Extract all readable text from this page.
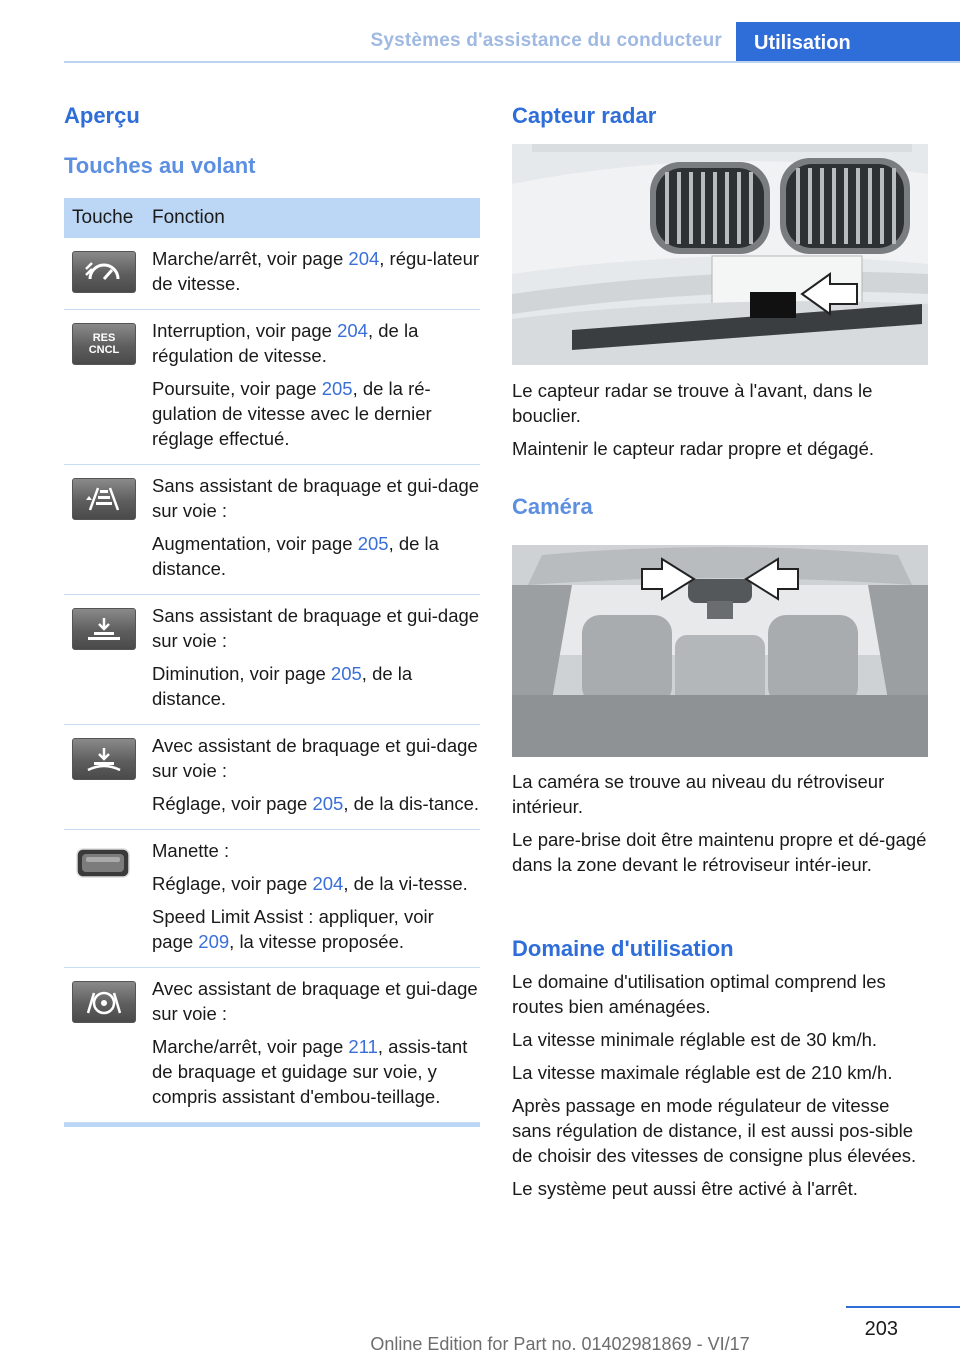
Systèmes d'assistance du conducteur	Utilisation
Aperçu
Touches au volant
Touche Fonction

Marche/arrêt, voir page 204, régu‐lateur de vitesse.

RES
CNCL

Interruption, voir page 204, de la régulation de vitesse.

Poursuite, voir page 205, de la ré‐gulation de vitesse avec le dernier réglage effectué.

Sans assistant de braquage et gui‐dage sur voie :

Augmentation, voir page 205, de la distance.

Sans assistant de braquage et gui‐dage sur voie :

Diminution, voir page 205, de la distance.

Avec assistant de braquage et gui‐dage sur voie :

Réglage, voir page 205, de la dis‐tance.

Manette :

Réglage, voir page 204, de la vi‐tesse.

Speed Limit Assist : appliquer, voir page 209, la vitesse proposée.

Avec assistant de braquage et gui‐dage sur voie :

Marche/arrêt, voir page 211, assis‐tant de braquage et guidage sur voie, y compris assistant d'embou‐teillage.

Capteur radar

Le capteur radar se trouve à l'avant, dans le bouclier.

Maintenir le capteur radar propre et dégagé.

Caméra

La caméra se trouve au niveau du rétroviseur intérieur.

Le pare-brise doit être maintenu propre et dé‐gagé dans la zone devant le rétroviseur intér‐ieur.

Domaine d'utilisation

Le domaine d'utilisation optimal comprend les routes bien aménagées.

La vitesse minimale réglable est de 30 km/h.

La vitesse maximale réglable est de 210 km/h.

Après passage en mode régulateur de vitesse sans régulation de distance, il est aussi pos‐sible de choisir des vitesses de consigne plus élevées.

Le système peut aussi être activé à l'arrêt.

203
Online Edition for Part no. 01402981869 - VI/17
